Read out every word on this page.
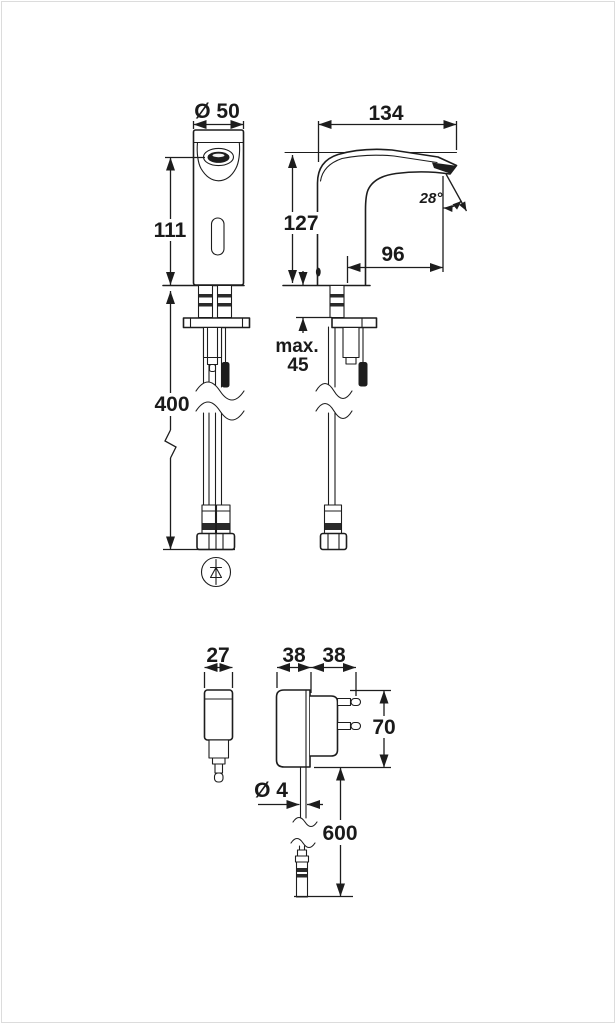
Ø 50	134
111	127
96
28°
max.
45
400
27	38 38
70
Ø 4
600
